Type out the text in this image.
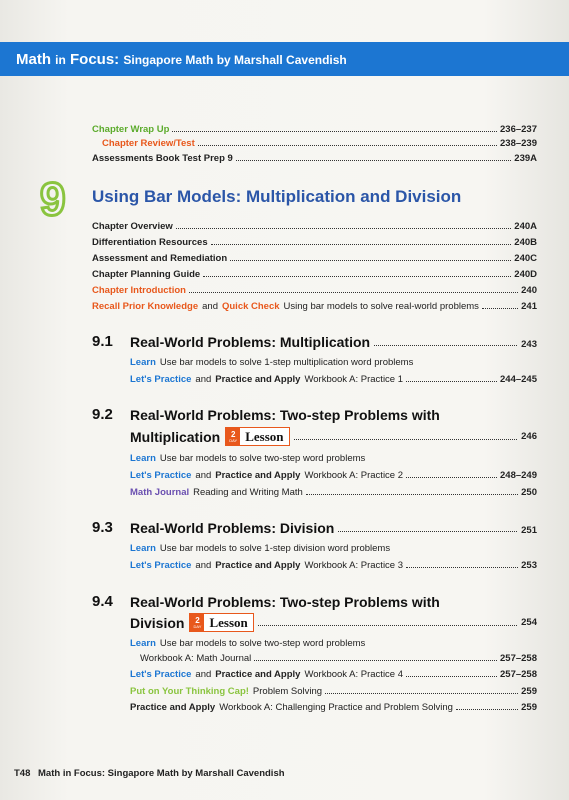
Math in Focus: Singapore Math by Marshall Cavendish
Chapter Wrap Up	236–237
Chapter Review/Test	238–239
Assessments Book Test Prep 9	239A
9 Using Bar Models: Multiplication and Division
Chapter Overview	240A
Differentiation Resources	240B
Assessment and Remediation	240C
Chapter Planning Guide	240D
Chapter Introduction	240
Recall Prior Knowledge and Quick Check Using bar models to solve real-world problems	241
9.1 Real-World Problems: Multiplication	243
Learn Use bar models to solve 1-step multiplication word problems
Let's Practice and Practice and Apply Workbook A: Practice 1	244–245
9.2 Real-World Problems: Two-step Problems with
Multiplication 2
DAY Lesson	246
Learn Use bar models to solve two-step word problems
Let's Practice and Practice and Apply Workbook A: Practice 2	248–249
Math Journal Reading and Writing Math	250
9.3 Real-World Problems: Division	251
Learn Use bar models to solve 1-step division word problems
Let's Practice and Practice and Apply Workbook A: Practice 3	253
9.4 Real-World Problems: Two-step Problems with
Division 2
DAY Lesson	254
Learn Use bar models to solve two-step word problems
Workbook A: Math Journal	257–258
Let's Practice and Practice and Apply Workbook A: Practice 4	257–258
Put on Your Thinking Cap! Problem Solving	259
Practice and Apply Workbook A: Challenging Practice and Problem Solving	259
T48 Math in Focus: Singapore Math by Marshall Cavendish
